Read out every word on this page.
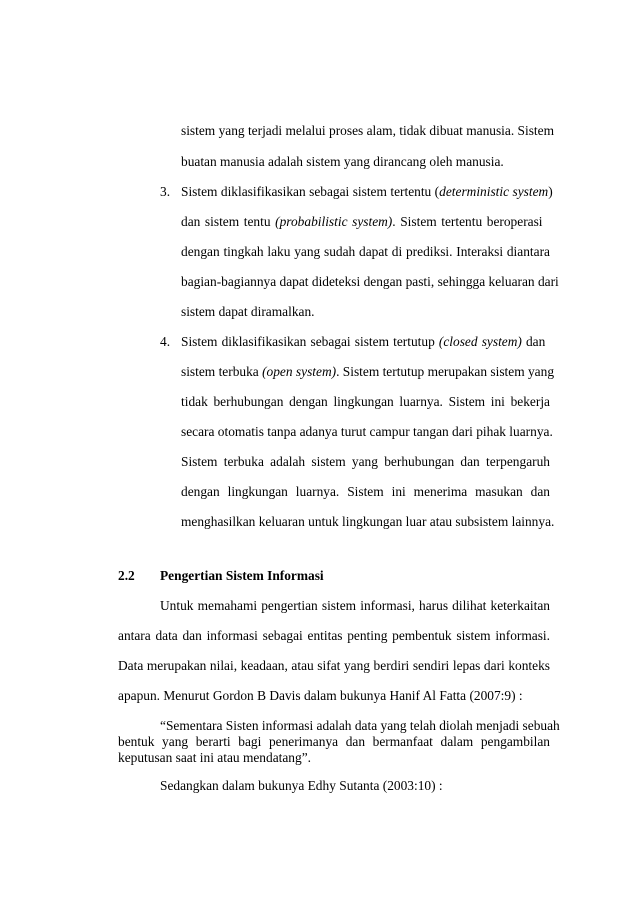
sistem yang terjadi melalui proses alam, tidak dibuat manusia. Sistem
buatan manusia adalah sistem yang dirancang oleh manusia.
3. Sistem diklasifikasikan sebagai sistem tertentu (deterministic system)
dan sistem tentu (probabilistic system). Sistem tertentu beroperasi
dengan tingkah laku yang sudah dapat di prediksi. Interaksi diantara
bagian-bagiannya dapat dideteksi dengan pasti, sehingga keluaran dari
sistem dapat diramalkan.
4. Sistem diklasifikasikan sebagai sistem tertutup (closed system) dan
sistem terbuka (open system). Sistem tertutup merupakan sistem yang
tidak berhubungan dengan lingkungan luarnya. Sistem ini bekerja
secara otomatis tanpa adanya turut campur tangan dari pihak luarnya.
Sistem terbuka adalah sistem yang berhubungan dan terpengaruh
dengan lingkungan luarnya. Sistem ini menerima masukan dan
menghasilkan keluaran untuk lingkungan luar atau subsistem lainnya.
2.2 Pengertian Sistem Informasi
Untuk memahami pengertian sistem informasi, harus dilihat keterkaitan
antara data dan informasi sebagai entitas penting pembentuk sistem informasi.
Data merupakan nilai, keadaan, atau sifat yang berdiri sendiri lepas dari konteks
apapun. Menurut Gordon B Davis dalam bukunya Hanif Al Fatta (2007:9) :
“Sementara Sisten informasi adalah data yang telah diolah menjadi sebuah
bentuk yang berarti bagi penerimanya dan bermanfaat dalam pengambilan
keputusan saat ini atau mendatang”.
Sedangkan dalam bukunya Edhy Sutanta (2003:10) :
